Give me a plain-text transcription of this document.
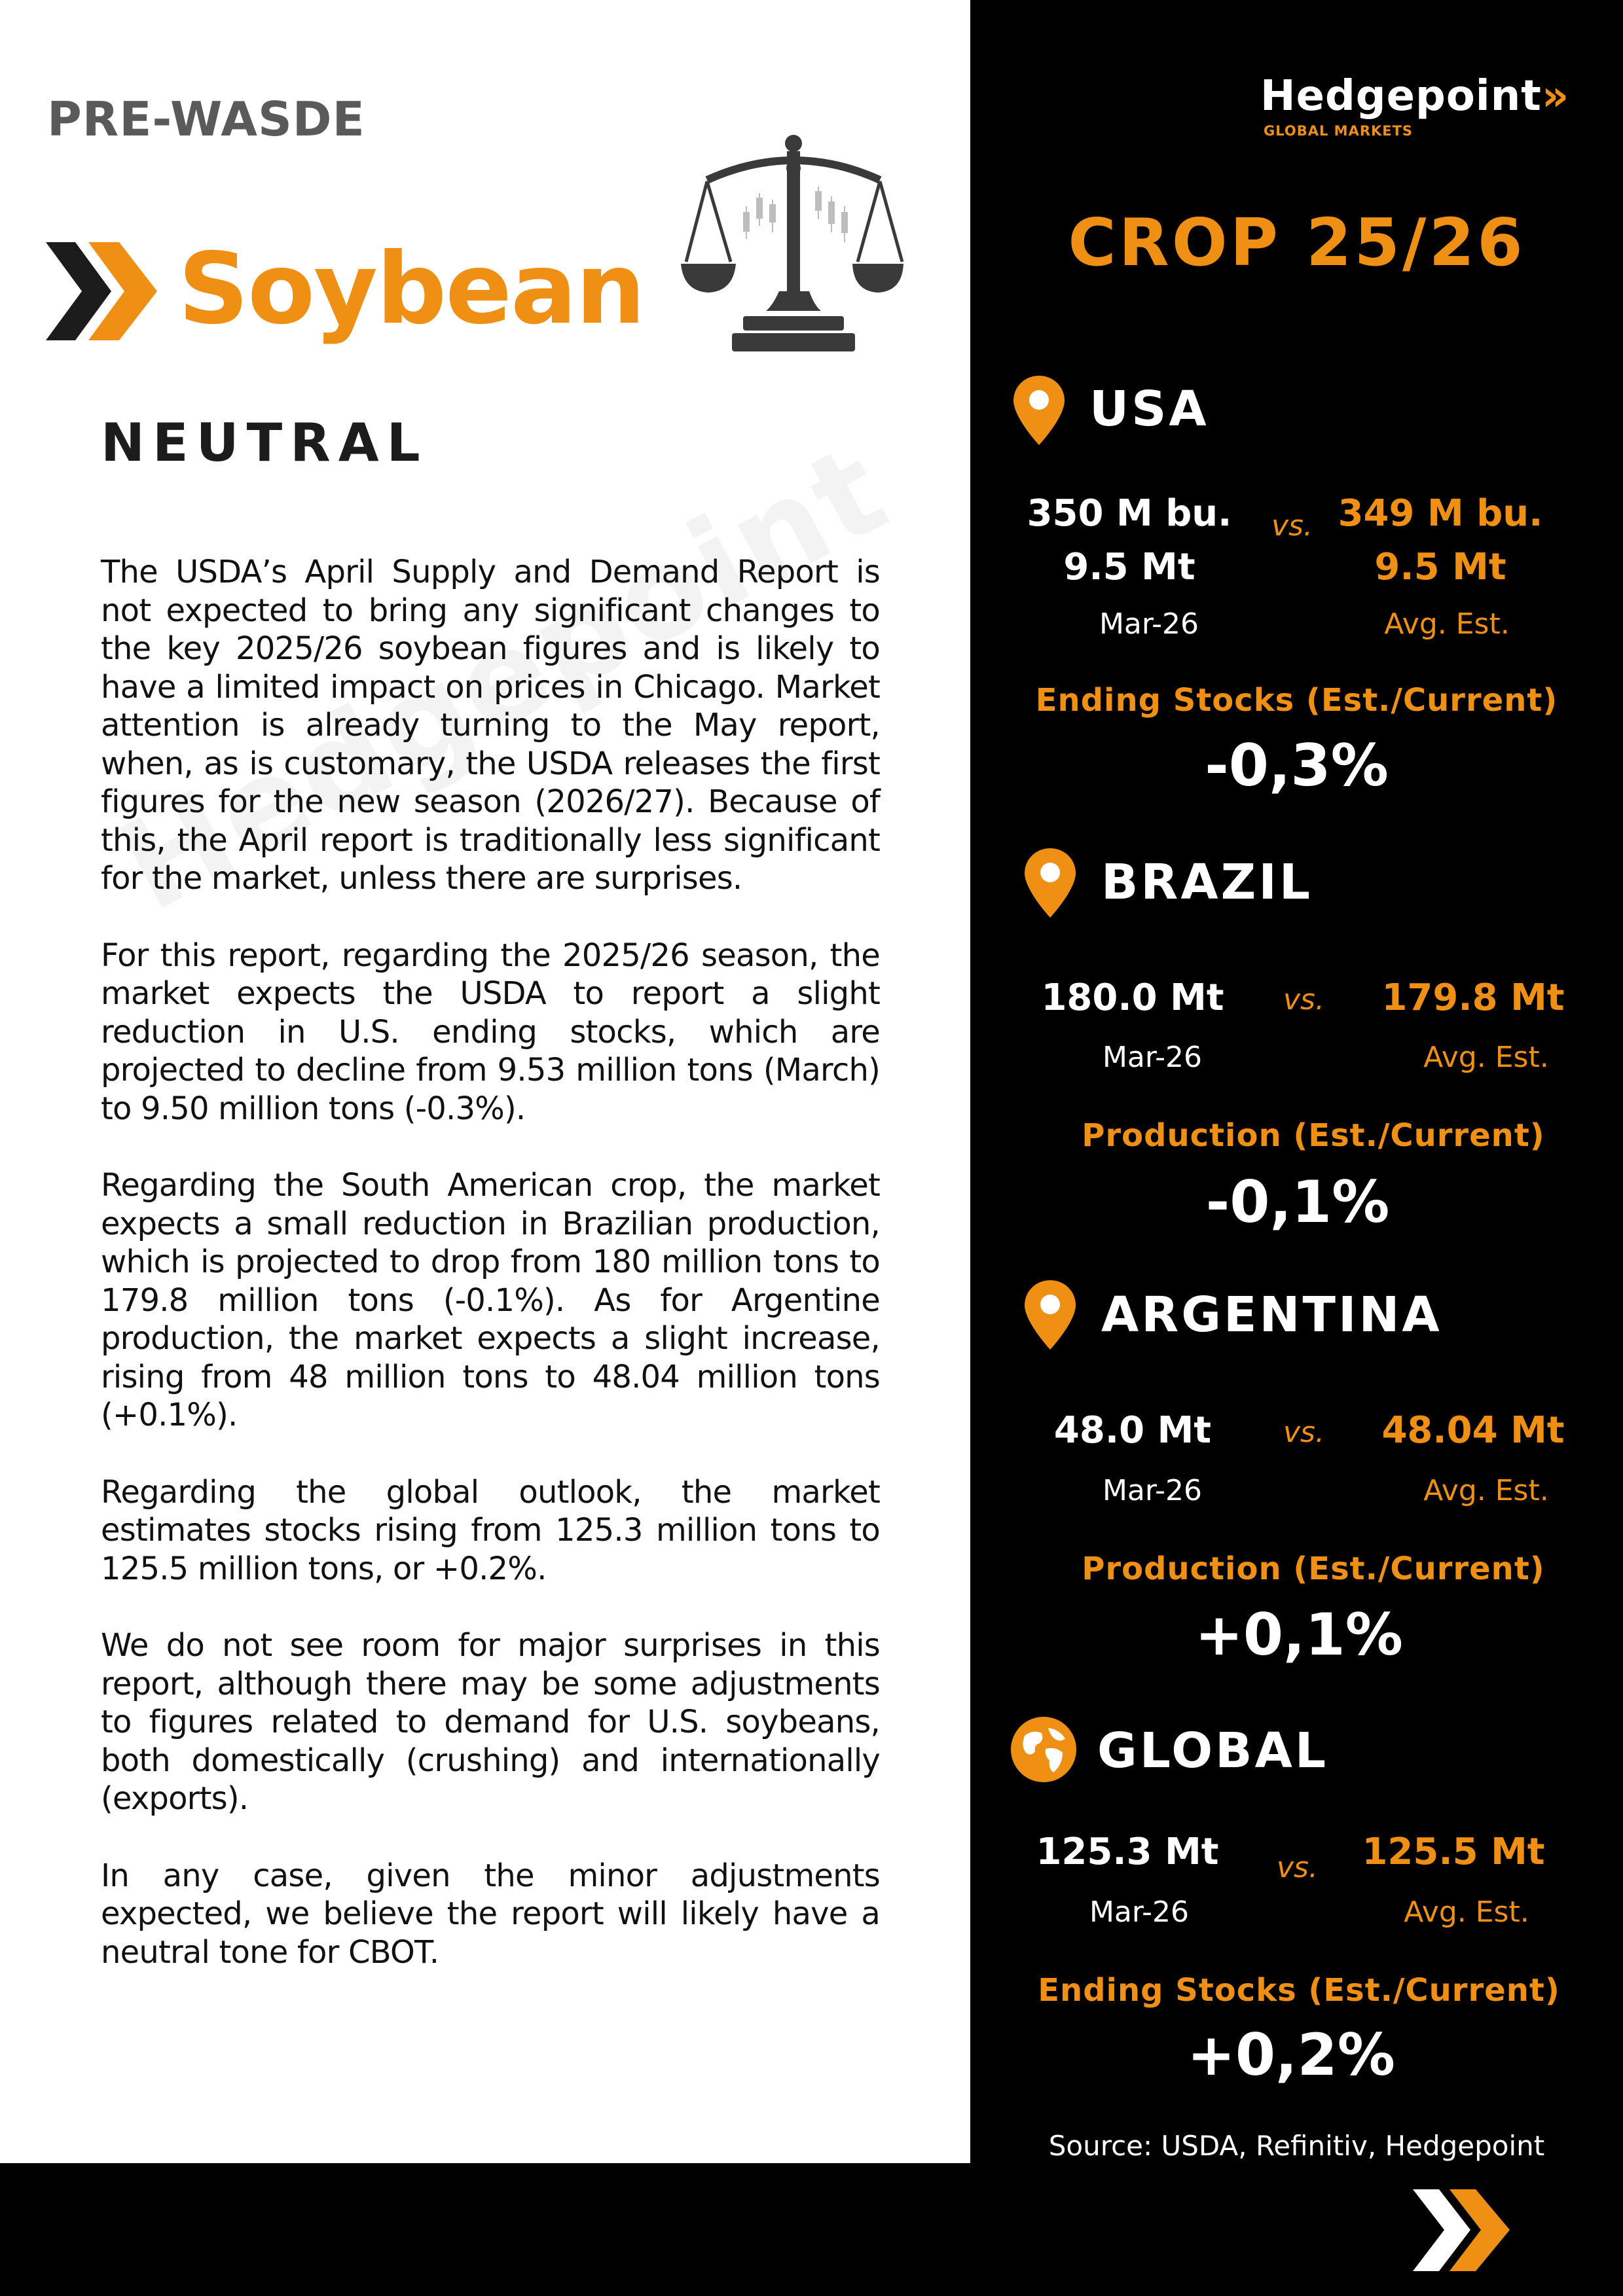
PRE-WASDE
Soybean
NEUTRAL

The USDA’s April Supply and Demand Report is not expected to bring any significant changes to the key 2025/26 soybean figures and is likely to have a limited impact on prices in Chicago. Market attention is already turning to the May report, when, as is customary, the USDA releases the first figures for the new season (2026/27). Because of this, the April report is traditionally less significant for the market, unless there are surprises.

For this report, regarding the 2025/26 season, the market expects the USDA to report a slight reduction in U.S. ending stocks, which are projected to decline from 9.53 million tons (March) to 9.50 million tons (-0.3%).

Regarding the South American crop, the market expects a small reduction in Brazilian production, which is projected to drop from 180 million tons to 179.8 million tons (-0.1%). As for Argentine production, the market expects a slight increase, rising from 48 million tons to 48.04 million tons (+0.1%).

Regarding the global outlook, the market estimates stocks rising from 125.3 million tons to 125.5 million tons, or +0.2%.

We do not see room for major surprises in this report, although there may be some adjustments to figures related to demand for U.S. soybeans, both domestically (crushing) and internationally (exports).

In any case, given the minor adjustments expected, we believe the report will likely have a neutral tone for CBOT.

Hedgepoint»
GLOBAL MARKETS
CROP 25/26
USA
350 M bu.
9.5 Mt
Mar-26
vs. 349 M bu.
9.5 Mt
Avg. Est.
Ending Stocks (Est./Current)
-0,3%
BRAZIL
180.0 Mt
Mar-26
vs.	179.8 Mt
Avg. Est.
Production (Est./Current)
-0,1%
ARGENTINA
48.0 Mt
Mar-26
vs.	48.04 Mt
Avg. Est.
Production (Est./Current)
+0,1%
GLOBAL
125.3 Mt
Mar-26
vs.	125.5 Mt
Avg. Est.
Ending Stocks (Est./Current)
+0,2%
Source: USDA, Refinitiv, Hedgepoint
